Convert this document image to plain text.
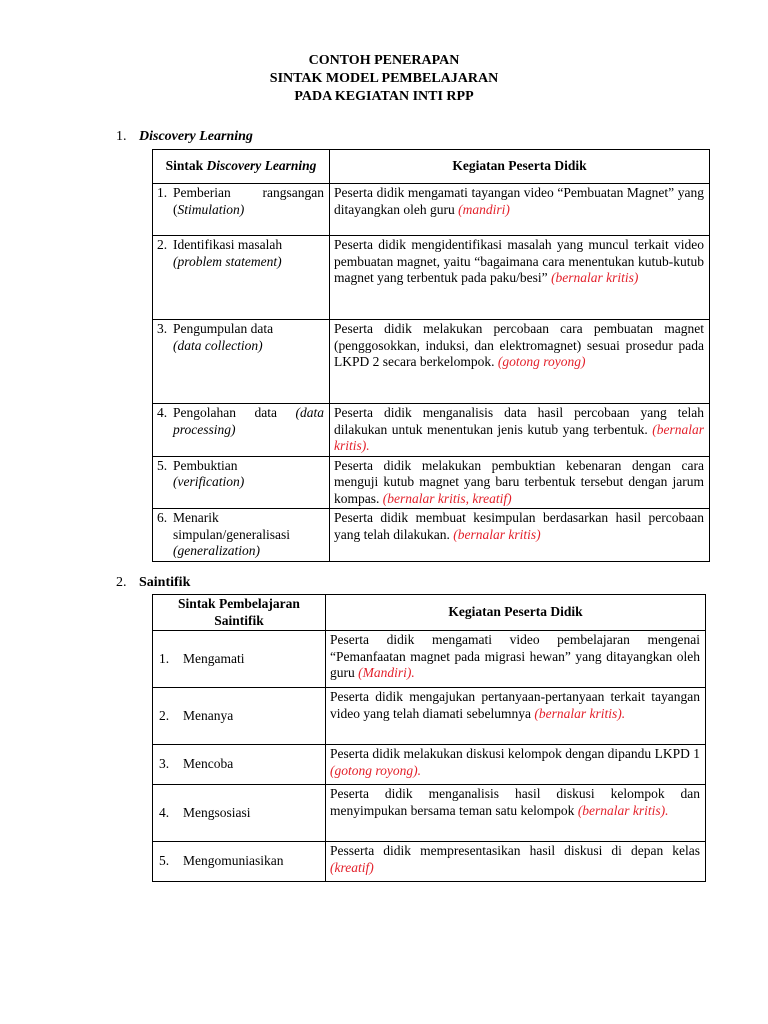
CONTOH PENERAPAN
SINTAK MODEL PEMBELAJARAN
PADA KEGIATAN INTI RPP
1. Discovery Learning
Sintak Discovery Learning	Kegiatan Peserta Didik

1. Pemberian rangsangan (Stimulation)	Peserta didik mengamati tayangan video “Pembuatan Magnet” yang ditayangkan oleh guru (mandiri)

2. Identifikasi masalah
(problem statement)	Peserta didik mengidentifikasi masalah yang muncul terkait video pembuatan magnet, yaitu “bagaimana cara menentukan kutub-kutub magnet yang terbentuk pada paku/besi” (bernalar kritis)

3. Pengumpulan data
(data collection)	Peserta didik melakukan percobaan cara pembuatan magnet (penggosokkan, induksi, dan elektromagnet) sesuai prosedur pada LKPD 2 secara berkelompok. (gotong royong)

4. Pengolahan data (data processing)	Peserta didik menganalisis data hasil percobaan yang telah dilakukan untuk menentukan jenis kutub yang terbentuk. (bernalar kritis).

5. Pembuktian
(verification)	Peserta didik melakukan pembuktian kebenaran dengan cara menguji kutub magnet yang baru terbentuk tersebut dengan jarum kompas. (bernalar kritis, kreatif)

6. Menarik simpulan/generalisasi
(generalization)	Peserta didik membuat kesimpulan berdasarkan hasil percobaan yang telah dilakukan. (bernalar kritis)
2. Saintifik
Sintak Pembelajaran
Saintifik	Kegiatan Peserta Didik
1. Mengamati	Peserta didik mengamati video pembelajaran mengenai “Pemanfaatan magnet pada migrasi hewan” yang ditayangkan oleh guru (Mandiri).
2. Menanya	Peserta didik mengajukan pertanyaan-pertanyaan terkait tayangan video yang telah diamati sebelumnya (bernalar kritis).
3. Mencoba	Peserta didik melakukan diskusi kelompok dengan dipandu LKPD 1 (gotong royong).
4. Mengsosiasi	Peserta didik menganalisis hasil diskusi kelompok dan menyimpukan bersama teman satu kelompok (bernalar kritis).
5. Mengomuniasikan	Pesserta didik mempresentasikan hasil diskusi di depan kelas (kreatif)
